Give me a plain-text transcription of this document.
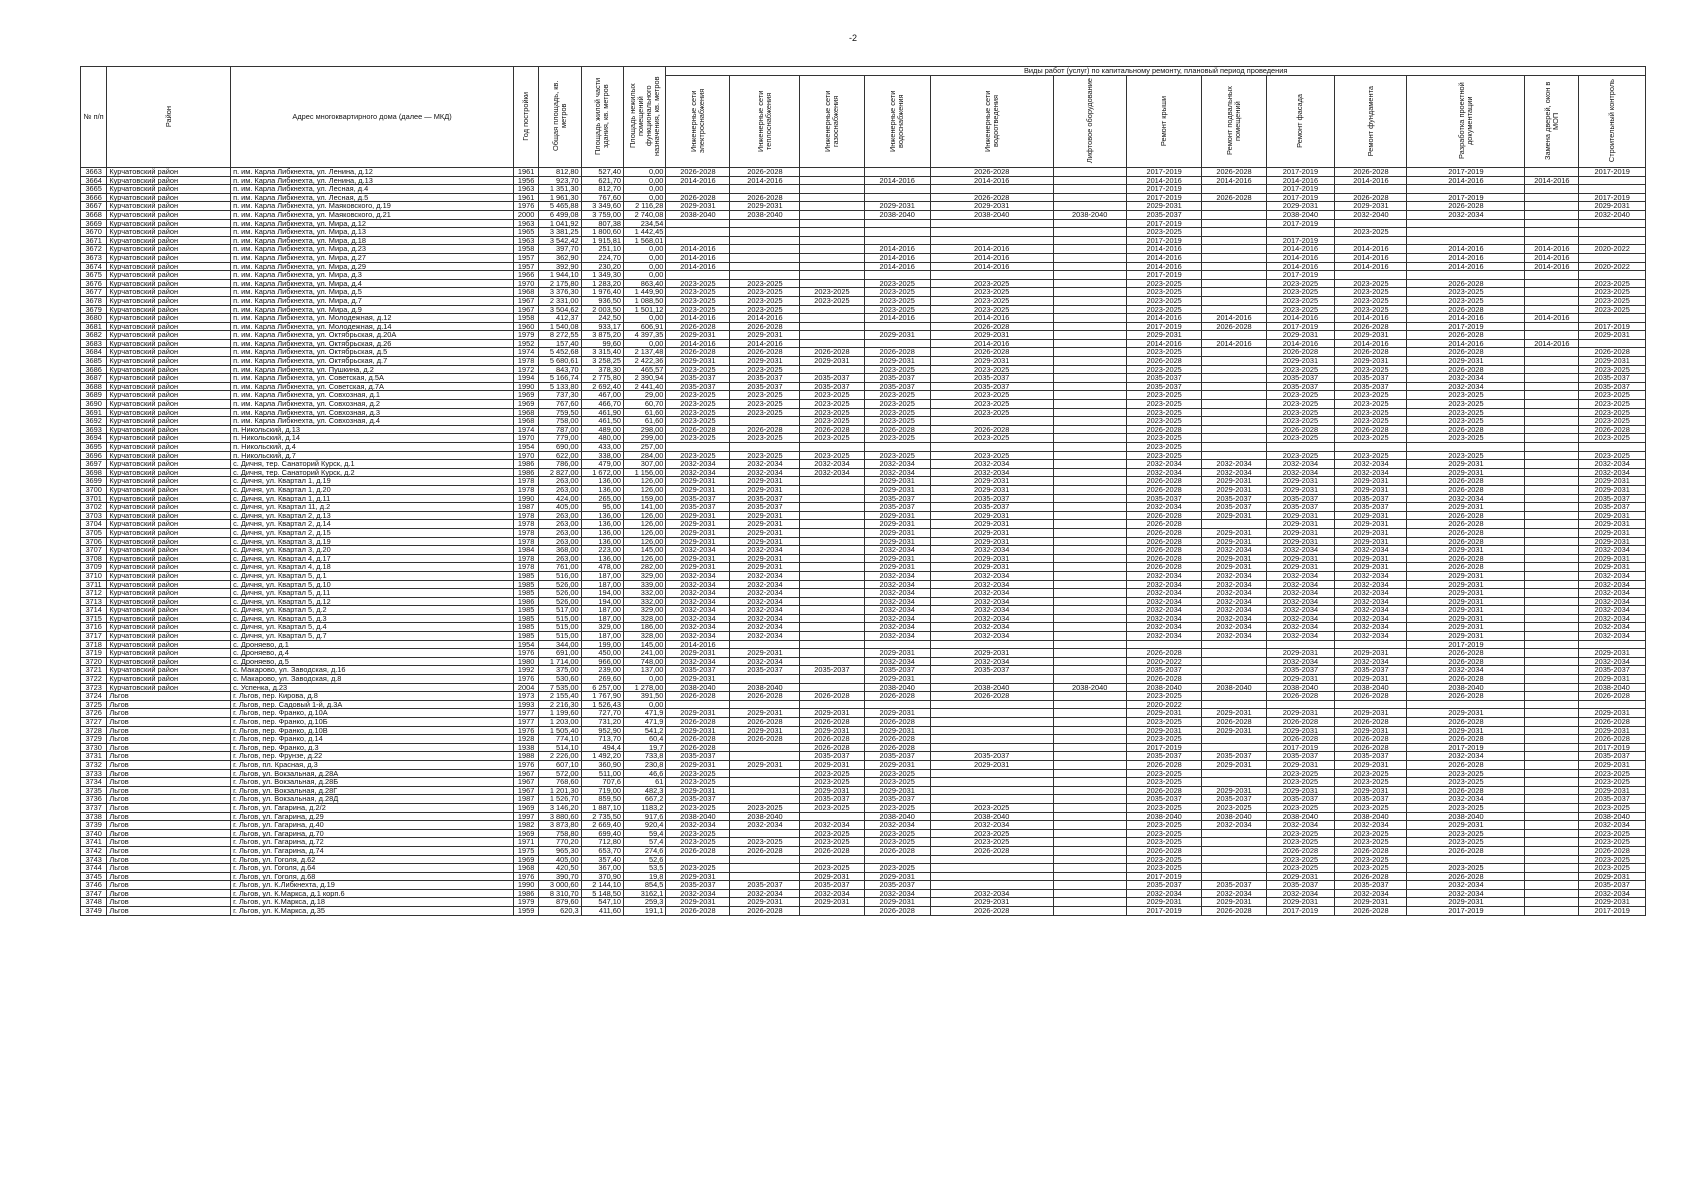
-2
№ п/п	Район	Адрес многоквартирного дома (далее — МКД)	Год постройки	Общая площадь, кв. метров	Площадь жилой части здания, кв. метров	Площадь нежилых помещений функционального назначения, кв. метров	Виды работ (услуг) по капитальному ремонту, плановый период проведения												
							Инженерные сети электроснабжения	Инженерные сети теплоснабжения	Инженерные сети газоснабжения	Инженерные сети водоснабжения	Инженерные сети водоотведения	Лифтовое оборудование	Ремонт крыши	Ремонт подвальных помещений	Ремонт фасада	Ремонт фундамента	Разработка проектной документации	Замена дверей, окон в МОП	Строительный контроль
3663	Курчатовский район	п. им. Карла Либкнехта, ул. Ленина, д.12	1961	812,80	527,40	0,00	2026-2028	2026-2028			2026-2028		2017-2019	2026-2028	2017-2019	2026-2028	2017-2019		2017-2019
3664	Курчатовский район	п. им. Карла Либкнехта, ул. Ленина, д.13	1956	923,70	621,70	0,00	2014-2016	2014-2016		2014-2016	2014-2016		2014-2016	2014-2016	2014-2016	2014-2016	2014-2016	2014-2016	
3665	Курчатовский район	п. им. Карла Либкнехта, ул. Лесная, д.4	1963	1 351,30	812,70	0,00							2017-2019		2017-2019				
3666	Курчатовский район	п. им. Карла Либкнехта, ул. Лесная, д.5	1961	1 961,30	767,60	0,00	2026-2028	2026-2028			2026-2028		2017-2019	2026-2028	2017-2019	2026-2028	2017-2019		2017-2019
3667	Курчатовский район	п. им. Карла Либкнехта, ул. Маяковского, д.19	1976	5 465,88	3 349,60	2 116,28	2029-2031	2029-2031		2029-2031	2029-2031		2029-2031		2029-2031	2029-2031	2026-2028		2029-2031
3668	Курчатовский район	п. им. Карла Либкнехта, ул. Маяковского, д.21	2000	6 499,08	3 759,00	2 740,08	2038-2040	2038-2040		2038-2040	2038-2040	2038-2040	2035-2037		2038-2040	2032-2040	2032-2034		2032-2040
3669	Курчатовский район	п. им. Карла Либкнехта, ул. Мира, д.12	1963	1 041,92	807,38	234,54							2017-2019		2017-2019				
3670	Курчатовский район	п. им. Карла Либкнехта, ул. Мира, д.13	1965	3 381,25	1 800,60	1 442,45							2023-2025			2023-2025			
3671	Курчатовский район	п. им. Карла Либкнехта, ул. Мира, д.18	1963	3 542,42	1 915,81	1 568,01							2017-2019		2017-2019				
3672	Курчатовский район	п. им. Карла Либкнехта, ул. Мира, д.23	1958	397,70	251,10	0,00	2014-2016			2014-2016	2014-2016		2014-2016		2014-2016	2014-2016	2014-2016	2014-2016	2020-2022
3673	Курчатовский район	п. им. Карла Либкнехта, ул. Мира, д.27	1957	362,90	224,70	0,00	2014-2016			2014-2016	2014-2016		2014-2016		2014-2016	2014-2016	2014-2016	2014-2016	
3674	Курчатовский район	п. им. Карла Либкнехта, ул. Мира, д.29	1957	392,90	230,20	0,00	2014-2016			2014-2016	2014-2016		2014-2016		2014-2016	2014-2016	2014-2016	2014-2016	2020-2022
3675	Курчатовский район	п. им. Карла Либкнехта, ул. Мира, д.3	1966	1 944,10	1 349,30	0,00							2017-2019		2017-2019				
3676	Курчатовский район	п. им. Карла Либкнехта, ул. Мира, д.4	1970	2 175,80	1 283,20	863,40	2023-2025	2023-2025		2023-2025	2023-2025		2023-2025		2023-2025	2023-2025	2026-2028		2023-2025
3677	Курчатовский район	п. им. Карла Либкнехта, ул. Мира, д.5	1968	3 376,30	1 976,40	1 449,90	2023-2025	2023-2025	2023-2025	2023-2025	2023-2025		2023-2025		2023-2025	2023-2025	2023-2025		2023-2025
3678	Курчатовский район	п. им. Карла Либкнехта, ул. Мира, д.7	1967	2 331,00	936,50	1 088,50	2023-2025	2023-2025	2023-2025	2023-2025	2023-2025		2023-2025		2023-2025	2023-2025	2023-2025		2023-2025
3679	Курчатовский район	п. им. Карла Либкнехта, ул. Мира, д.9	1967	3 504,62	2 003,50	1 501,12	2023-2025	2023-2025		2023-2025	2023-2025		2023-2025		2023-2025	2023-2025	2026-2028		2023-2025
3680	Курчатовский район	п. им. Карла Либкнехта, ул. Молодежная, д.12	1958	412,37	242,50	0,00	2014-2016	2014-2016		2014-2016	2014-2016		2014-2016	2014-2016	2014-2016	2014-2016	2014-2016	2014-2016	
3681	Курчатовский район	п. им. Карла Либкнехта, ул. Молодежная, д.14	1960	1 540,08	933,17	606,91	2026-2028	2026-2028			2026-2028		2017-2019	2026-2028	2017-2019	2026-2028	2017-2019		2017-2019
3682	Курчатовский район	п. им. Карла Либкнехта, ул. Октябрьская, д.20А	1979	8 272,55	3 875,20	4 397,35	2029-2031	2029-2031		2029-2031	2029-2031		2029-2031		2029-2031	2029-2031	2026-2028		2029-2031
3683	Курчатовский район	п. им. Карла Либкнехта, ул. Октябрьская, д.26	1952	157,40	99,60	0,00	2014-2016	2014-2016			2014-2016		2014-2016	2014-2016	2014-2016	2014-2016	2014-2016	2014-2016	
3684	Курчатовский район	п. им. Карла Либкнехта, ул. Октябрьская, д.5	1974	5 452,68	3 315,40	2 137,48	2026-2028	2026-2028	2026-2028	2026-2028	2026-2028		2023-2025		2026-2028	2026-2028	2026-2028		2026-2028
3685	Курчатовский район	п. им. Карла Либкнехта, ул. Октябрьская, д.7	1978	5 680,61	3 258,25	2 422,36	2029-2031	2029-2031	2029-2031	2029-2031	2029-2031		2026-2028		2029-2031	2029-2031	2029-2031		2029-2031
3686	Курчатовский район	п. им. Карла Либкнехта, ул. Пушкина, д.2	1972	843,70	378,30	465,57	2023-2025	2023-2025		2023-2025	2023-2025		2023-2025		2023-2025	2023-2025	2026-2028		2023-2025
3687	Курчатовский район	п. им. Карла Либкнехта, ул. Советская, д.5А	1994	5 166,74	2 775,80	2 390,94	2035-2037	2035-2037	2035-2037	2035-2037	2035-2037		2035-2037		2035-2037	2035-2037	2032-2034		2035-2037
3688	Курчатовский район	п. им. Карла Либкнехта, ул. Советская, д.7А	1990	5 133,80	2 692,40	2 441,40	2035-2037	2035-2037	2035-2037	2035-2037	2035-2037		2035-2037		2035-2037	2035-2037	2032-2034		2035-2037
3689	Курчатовский район	п. им. Карла Либкнехта, ул. Совхозная, д.1	1969	737,30	467,00	29,00	2023-2025	2023-2025	2023-2025	2023-2025	2023-2025		2023-2025		2023-2025	2023-2025	2023-2025		2023-2025
3690	Курчатовский район	п. им. Карла Либкнехта, ул. Совхозная, д.2	1969	767,60	466,70	60,70	2023-2025	2023-2025	2023-2025	2023-2025	2023-2025		2023-2025		2023-2025	2023-2025	2023-2025		2023-2025
3691	Курчатовский район	п. им. Карла Либкнехта, ул. Совхозная, д.3	1968	759,50	461,90	61,60	2023-2025	2023-2025	2023-2025	2023-2025	2023-2025		2023-2025		2023-2025	2023-2025	2023-2025		2023-2025
3692	Курчатовский район	п. им. Карла Либкнехта, ул. Совхозная, д.4	1968	758,00	461,50	61,60	2023-2025		2023-2025	2023-2025			2023-2025		2023-2025	2023-2025	2023-2025		2023-2025
3693	Курчатовский район	п. Никольский, д.13	1974	787,00	489,00	298,00	2026-2028	2026-2028	2026-2028	2026-2028	2026-2028		2026-2028		2026-2028	2026-2028	2026-2028		2026-2028
3694	Курчатовский район	п. Никольский, д.14	1970	779,00	480,00	299,00	2023-2025	2023-2025	2023-2025	2023-2025	2023-2025		2023-2025		2023-2025	2023-2025	2023-2025		2023-2025
3695	Курчатовский район	п. Никольский, д.4	1954	690,00	433,00	257,00							2023-2025						
3696	Курчатовский район	п. Никольский, д.7	1970	622,00	338,00	284,00	2023-2025	2023-2025	2023-2025	2023-2025	2023-2025		2023-2025		2023-2025	2023-2025	2023-2025		2023-2025
3697	Курчатовский район	с. Дичня, тер. Санаторий Курск, д.1	1986	786,00	479,00	307,00	2032-2034	2032-2034	2032-2034	2032-2034	2032-2034		2032-2034	2032-2034	2032-2034	2032-2034	2029-2031		2032-2034
3698	Курчатовский район	с. Дичня, тер. Санаторий Курск, д.2	1986	2 827,00	1 672,00	1 156,00	2032-2034	2032-2034	2032-2034	2032-2034	2032-2034		2032-2034	2032-2034	2032-2034	2032-2034	2029-2031		2032-2034
3699	Курчатовский район	с. Дичня, ул. Квартал 1, д.19	1978	263,00	136,00	126,00	2029-2031	2029-2031		2029-2031	2029-2031		2026-2028	2029-2031	2029-2031	2029-2031	2026-2028		2029-2031
3700	Курчатовский район	с. Дичня, ул. Квартал 1, д.20	1978	263,00	136,00	126,00	2029-2031	2029-2031		2029-2031	2029-2031		2026-2028	2029-2031	2029-2031	2029-2031	2026-2028		2029-2031
3701	Курчатовский район	с. Дичня, ул. Квартал 1, д.11	1990	424,00	265,00	159,00	2035-2037	2035-2037		2035-2037	2035-2037		2035-2037	2035-2037	2035-2037	2035-2037	2032-2034		2035-2037
3702	Курчатовский район	с. Дичня, ул. Квартал 11, д.2	1987	405,00	95,00	141,00	2035-2037	2035-2037		2035-2037	2035-2037		2032-2034	2035-2037	2035-2037	2035-2037	2029-2031		2035-2037
3703	Курчатовский район	с. Дичня, ул. Квартал 2, д.13	1978	263,00	136,00	126,00	2029-2031	2029-2031		2029-2031	2029-2031		2026-2028	2029-2031	2029-2031	2029-2031	2026-2028		2029-2031
3704	Курчатовский район	с. Дичня, ул. Квартал 2, д.14	1978	263,00	136,00	126,00	2029-2031	2029-2031		2029-2031	2029-2031		2026-2028		2029-2031	2029-2031	2026-2028		2029-2031
3705	Курчатовский район	с. Дичня, ул. Квартал 2, д.15	1978	263,00	136,00	126,00	2029-2031	2029-2031		2029-2031	2029-2031		2026-2028	2029-2031	2029-2031	2029-2031	2026-2028		2029-2031
3706	Курчатовский район	с. Дичня, ул. Квартал 3, д.19	1978	263,00	136,00	126,00	2029-2031	2029-2031		2029-2031	2029-2031		2026-2028	2029-2031	2029-2031	2029-2031	2026-2028		2029-2031
3707	Курчатовский район	с. Дичня, ул. Квартал 3, д.20	1984	368,00	223,00	145,00	2032-2034	2032-2034		2032-2034	2032-2034		2026-2028	2032-2034	2032-2034	2032-2034	2029-2031		2032-2034
3708	Курчатовский район	с. Дичня, ул. Квартал 4, д.17	1978	263,00	136,00	126,00	2029-2031	2029-2031		2029-2031	2029-2031		2026-2028	2029-2031	2029-2031	2029-2031	2026-2028		2029-2031
3709	Курчатовский район	с. Дичня, ул. Квартал 4, д.18	1978	761,00	478,00	282,00	2029-2031	2029-2031		2029-2031	2029-2031		2026-2028	2029-2031	2029-2031	2029-2031	2026-2028		2029-2031
3710	Курчатовский район	с. Дичня, ул. Квартал 5, д.1	1985	516,00	187,00	329,00	2032-2034	2032-2034		2032-2034	2032-2034		2032-2034	2032-2034	2032-2034	2032-2034	2029-2031		2032-2034
3711	Курчатовский район	с. Дичня, ул. Квартал 5, д.10	1985	526,00	187,00	339,00	2032-2034	2032-2034		2032-2034	2032-2034		2032-2034	2032-2034	2032-2034	2032-2034	2029-2031		2032-2034
3712	Курчатовский район	с. Дичня, ул. Квартал 5, д.11	1985	526,00	194,00	332,00	2032-2034	2032-2034		2032-2034	2032-2034		2032-2034	2032-2034	2032-2034	2032-2034	2029-2031		2032-2034
3713	Курчатовский район	с. Дичня, ул. Квартал 5, д.12	1986	526,00	194,00	332,00	2032-2034	2032-2034		2032-2034	2032-2034		2032-2034	2032-2034	2032-2034	2032-2034	2029-2031		2032-2034
3714	Курчатовский район	с. Дичня, ул. Квартал 5, д.2	1985	517,00	187,00	329,00	2032-2034	2032-2034		2032-2034	2032-2034		2032-2034	2032-2034	2032-2034	2032-2034	2029-2031		2032-2034
3715	Курчатовский район	с. Дичня, ул. Квартал 5, д.3	1985	515,00	187,00	328,00	2032-2034	2032-2034		2032-2034	2032-2034		2032-2034	2032-2034	2032-2034	2032-2034	2029-2031		2032-2034
3716	Курчатовский район	с. Дичня, ул. Квартал 5, д.4	1985	515,00	329,00	186,00	2032-2034	2032-2034		2032-2034	2032-2034		2032-2034	2032-2034	2032-2034	2032-2034	2029-2031		2032-2034
3717	Курчатовский район	с. Дичня, ул. Квартал 5, д.7	1985	515,00	187,00	328,00	2032-2034	2032-2034		2032-2034	2032-2034		2032-2034	2032-2034	2032-2034	2032-2034	2029-2031		2032-2034
3718	Курчатовский район	с. Дроняево, д.1	1954	344,00	199,00	145,00	2014-2016										2017-2019		
3719	Курчатовский район	с. Дроняево, д.4	1976	691,00	450,00	241,00	2029-2031	2029-2031		2029-2031	2029-2031		2026-2028		2029-2031	2029-2031	2026-2028		2029-2031
3720	Курчатовский район	с. Дроняево, д.5	1980	1 714,00	966,00	748,00	2032-2034	2032-2034		2032-2034	2032-2034		2020-2022		2032-2034	2032-2034	2026-2028		2032-2034
3721	Курчатовский район	с. Макарово, ул. Заводская, д.16	1992	375,00	239,00	137,00	2035-2037	2035-2037	2035-2037	2035-2037	2035-2037		2035-2037		2035-2037	2035-2037	2032-2034		2035-2037
3722	Курчатовский район	с. Макарово, ул. Заводская, д.8	1976	530,60	269,60	0,00	2029-2031			2029-2031			2026-2028		2029-2031	2029-2031	2026-2028		2029-2031
3723	Курчатовский район	с. Успенка, д.23	2004	7 535,00	6 257,00	1 278,00	2038-2040	2038-2040		2038-2040	2038-2040	2038-2040	2038-2040	2038-2040	2038-2040	2038-2040	2038-2040		2038-2040
3724	Льгов	г. Льгов, пер. Кирова, д.8	1973	2 155,40	1 767,90	391,50	2026-2028	2026-2028	2026-2028	2026-2028	2026-2028		2023-2025		2026-2028	2026-2028	2026-2028		2026-2028
3725	Льгов	г. Льгов, пер. Садовый 1-й, д.3А	1993	2 216,30	1 526,43	0,00							2020-2022						
3726	Льгов	г. Льгов, пер. Франко, д.10А	1977	1 199,60	727,70	471,9	2029-2031	2029-2031	2029-2031	2029-2031			2029-2031	2029-2031	2029-2031	2029-2031	2029-2031		2029-2031
3727	Льгов	г. Льгов, пер. Франко, д.10Б	1977	1 203,00	731,20	471,9	2026-2028	2026-2028	2026-2028	2026-2028			2023-2025	2026-2028	2026-2028	2026-2028	2026-2028		2026-2028
3728	Льгов	г. Льгов, пер. Франко, д.10В	1976	1 505,40	952,90	541,2	2029-2031	2029-2031	2029-2031	2029-2031			2029-2031	2029-2031	2029-2031	2029-2031	2029-2031		2029-2031
3729	Льгов	г. Льгов, пер. Франко, д.14	1928	774,10	713,70	60,4	2026-2028	2026-2028	2026-2028	2026-2028			2023-2025		2026-2028	2026-2028	2026-2028		2026-2028
3730	Льгов	г. Льгов, пер. Франко, д.3	1938	514,10	494,4	19,7	2026-2028		2026-2028	2026-2028			2017-2019		2017-2019	2026-2028	2017-2019		2017-2019
3731	Льгов	г. Льгов, пер. Фрунзе, д.22	1988	2 226,00	1 492,20	733,8	2035-2037		2035-2037	2035-2037	2035-2037		2035-2037	2035-2037	2035-2037	2035-2037	2032-2034		2035-2037
3732	Льгов	г. Льгов, пл. Красная, д.3	1976	607,10	360,90	230,8	2029-2031	2029-2031	2029-2031	2029-2031	2029-2031		2026-2028	2029-2031	2029-2031	2029-2031	2026-2028		2029-2031
3733	Льгов	г. Льгов, ул. Вокзальная, д.28А	1967	572,00	511,00	46,6	2023-2025		2023-2025	2023-2025			2023-2025		2023-2025	2023-2025	2023-2025		2023-2025
3734	Льгов	г. Льгов, ул. Вокзальная, д.28Б	1967	768,60	707,6	61	2023-2025		2023-2025	2023-2025			2023-2025		2023-2025	2023-2025	2023-2025		2023-2025
3735	Льгов	г. Льгов, ул. Вокзальная, д.28Г	1967	1 201,30	719,00	482,3	2029-2031		2029-2031	2029-2031			2026-2028	2029-2031	2029-2031	2029-2031	2026-2028		2029-2031
3736	Льгов	г. Льгов, ул. Вокзальная, д.28Д	1987	1 526,70	859,50	667,2	2035-2037		2035-2037	2035-2037			2035-2037	2035-2037	2035-2037	2035-2037	2032-2034		2035-2037
3737	Льгов	г. Льгов, ул. Гагарина, д.2/2	1969	3 146,20	1 887,10	1183,2	2023-2025	2023-2025	2023-2025	2023-2025	2023-2025		2023-2025	2023-2025	2023-2025	2023-2025	2023-2025		2023-2025
3738	Льгов	г. Льгов, ул. Гагарина, д.29	1997	3 880,60	2 735,50	917,6	2038-2040	2038-2040		2038-2040	2038-2040		2038-2040	2038-2040	2038-2040	2038-2040	2038-2040		2038-2040
3739	Льгов	г. Льгов, ул. Гагарина, д.40	1982	3 873,80	2 669,40	920,4	2032-2034	2032-2034	2032-2034	2032-2034	2032-2034		2023-2025	2032-2034	2032-2034	2032-2034	2029-2031		2032-2034
3740	Льгов	г. Льгов, ул. Гагарина, д.70	1969	758,80	699,40	59,4	2023-2025		2023-2025	2023-2025	2023-2025		2023-2025		2023-2025	2023-2025	2023-2025		2023-2025
3741	Льгов	г. Льгов, ул. Гагарина, д.72	1971	770,20	712,80	57,4	2023-2025	2023-2025	2023-2025	2023-2025	2023-2025		2023-2025		2023-2025	2023-2025	2023-2025		2023-2025
3742	Льгов	г. Льгов, ул. Гагарина, д.74	1975	965,30	653,70	274,6	2026-2028	2026-2028	2026-2028	2026-2028	2026-2028		2026-2028		2026-2028	2026-2028	2026-2028		2026-2028
3743	Льгов	г. Льгов, ул. Гоголя, д.62	1969	405,00	357,40	52,6							2023-2025		2023-2025	2023-2025			2023-2025
3744	Льгов	г. Льгов, ул. Гоголя, д.64	1968	420,50	367,00	53,5	2023-2025		2023-2025	2023-2025			2023-2025		2023-2025	2023-2025	2023-2025		2023-2025
3745	Льгов	г. Льгов, ул. Гоголя, д.68	1976	390,70	370,90	19,8	2029-2031		2029-2031	2029-2031			2017-2019		2029-2031	2026-2028	2026-2028		2029-2031
3746	Льгов	г. Льгов, ул. К.Либкнехта, д.19	1990	3 000,60	2 144,10	854,5	2035-2037	2035-2037	2035-2037	2035-2037			2035-2037	2035-2037	2035-2037	2035-2037	2032-2034		2035-2037
3747	Льгов	г. Льгов, ул. К.Маркса, д.1 корп.6	1986	8 310,70	5 148,50	3162,1	2032-2034	2032-2034	2032-2034	2032-2034	2032-2034		2032-2034	2032-2034	2032-2034	2032-2034	2032-2034		2032-2034
3748	Льгов	г. Льгов, ул. К.Маркса, д.18	1979	879,60	547,10	259,3	2029-2031	2029-2031	2029-2031	2029-2031	2029-2031		2029-2031	2029-2031	2029-2031	2029-2031	2029-2031		2029-2031
3749	Льгов	г. Льгов, ул. К.Маркса, д.35	1959	620,3	411,60	191,1	2026-2028	2026-2028		2026-2028	2026-2028		2017-2019	2026-2028	2017-2019	2026-2028	2017-2019		2017-2019
